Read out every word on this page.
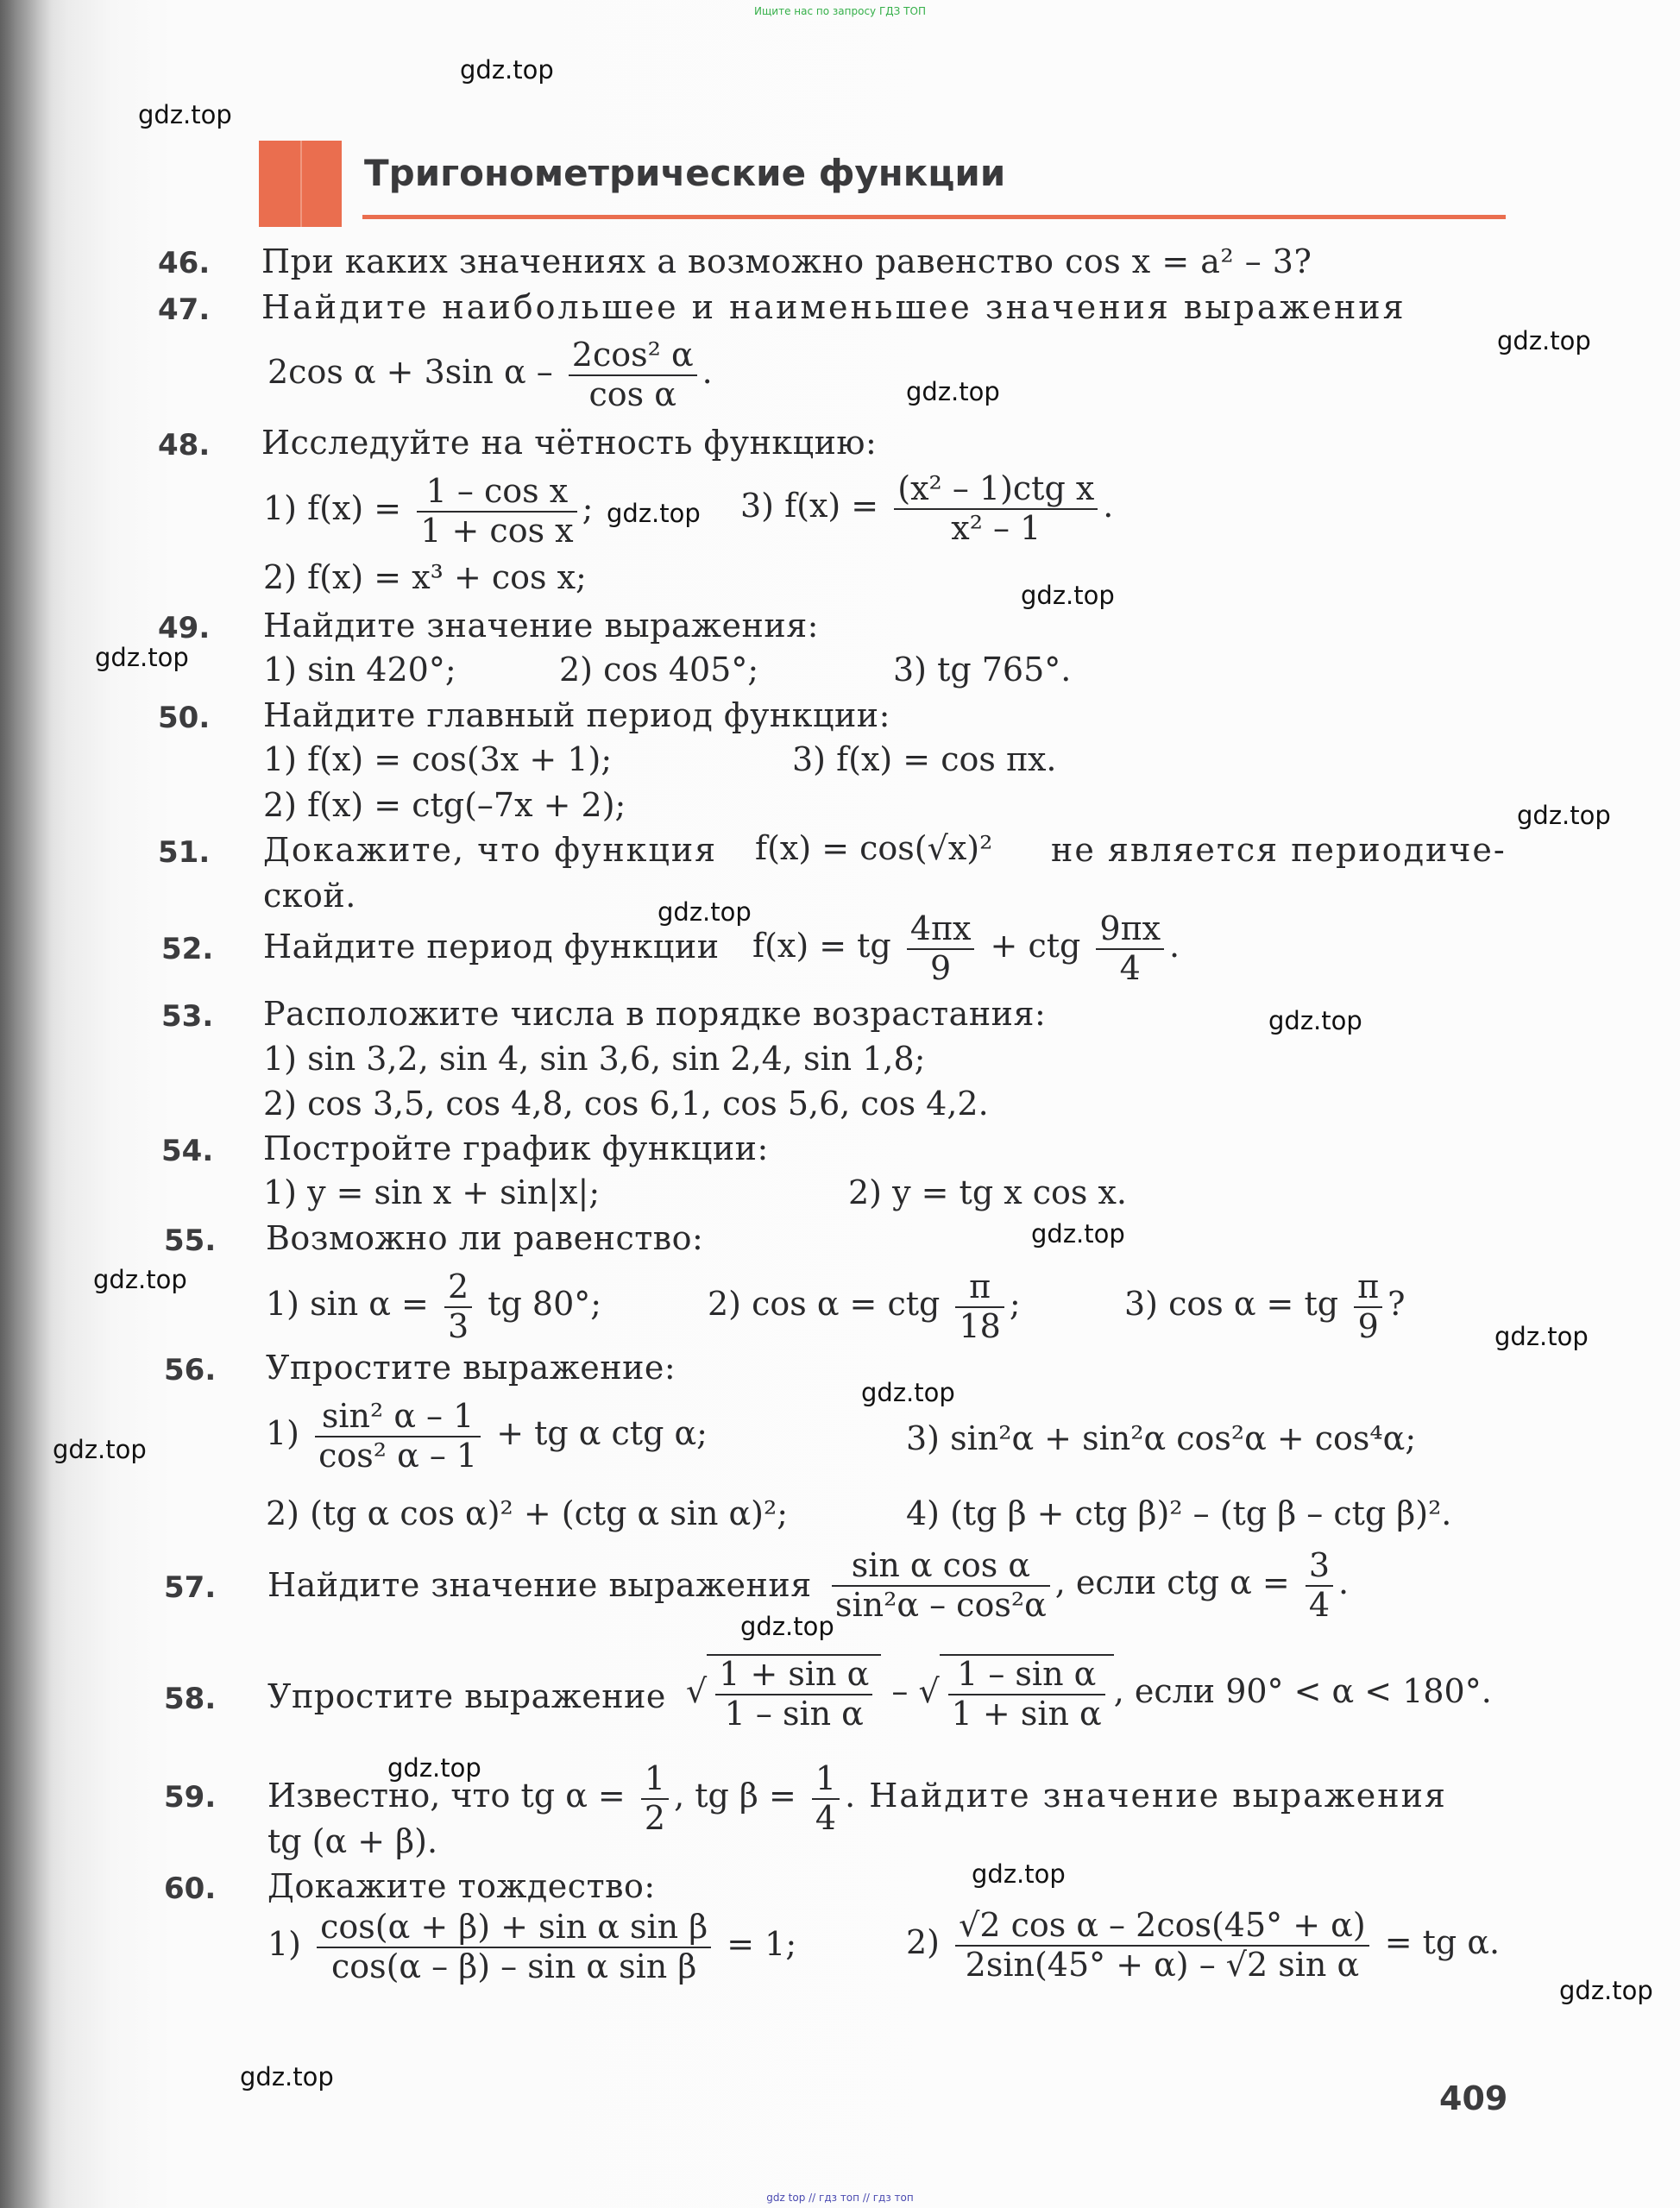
Ищите нас по запросу ГДЗ ТОП
gdz.top
gdz.top
Тригонометрические функции
46. При каких значениях a возможно равенство cos x = a² – 3?
47. Найдите наибольшее и наименьшее значения выражения
gdz.top
2cos α + 3sin α – $\frac{\text{2cos² α}}{\text{cos α}}$ .
gdz.top
48. Исследуйте на чётность функцию:
1) $f(x) = \frac{\text{1 – cos x}}{\text{1 + cos x}}$ ; gdz.top 3) $f(x) = \frac{\text{(x² – 1)ctg x}}{\text{x² – 1}}$ .
2) f(x) = x³ + cos x;	gdz.top
49. Найдите значение выражения:
gdz.top 1) sin 420°;	2) cos 405°;	3) tg 765°.
50. Найдите главный период функции:
1) f(x) = cos(3x + 1);	3) f(x) = cos πx.
2) f(x) = ctg(–7x + 2);	gdz.top
51. Докажите, что функция f(x) = cos(√x)² не является периодиче-
ской.	gdz.top
52. Найдите период функции f(x) = tg $\frac{4\pi x}{9}$ + ctg $\frac{9\pi x}{4}$ .
53. Расположите числа в порядке возрастания:	gdz.top
1) sin 3,2, sin 4, sin 3,6, sin 2,4, sin 1,8;
2) cos 3,5, cos 4,8, cos 6,1, cos 5,6, cos 4,2.
54. Постройте график функции:
1) y = sin x + sin|x|;	2) y = tg x cos x.
55. Возможно ли равенство:	gdz.top
gdz.top
1) $\sin \alpha = \frac{2}{3}$ tg 80°;	2) cos α = ctg $\frac{\pi}{18}$ ;	3) cos α = tg $\frac{\pi}{9}$ ?
gdz.top
56. Упростите выражение:
gdz.top
gdz.top	$1) \frac{\text{sin² α – 1}}{\text{cos² α – 1}}$ + tg α ctg α;	3) sin²α + sin²α cos²α + cos⁴α;
2) (tg α cos α)² + (ctg α sin α)²;	4) (tg β + ctg β)² – (tg β – ctg β)².
57. Найдите значение выражения $\frac{\text{sin α cos α}}{\text{sin²α – cos²α}}$ , если ctg $\alpha = \frac{3}{4}$ .
gdz.top
58. Упростите выражение √ $\frac{\text{1 + sin α}}{\text{1 – sin α}}$ – √ $\frac{\text{1 – sin α}}{\text{1 + sin α}}$ , если 90° < α < 180°.
gdz.top
59. Известно, что tg $\alpha = \frac{1}{2}$ , tg $\beta = \frac{1}{4}$ . Найдите значение выражения
tg (α + β).
60. Докажите тождество:	gdz.top
$1) \frac{\text{cos(α + β) + sin α sin β}}{\text{cos(α – β) – sin α sin β}} = 1$;	$2) \frac{\text{√2 cos α – 2cos(45° + α)}}{\text{2sin(45° + α) – √2 sin α}}$ = tg α.
gdz.top
gdz.top
409
gdz top // гдз топ // гдз топ
